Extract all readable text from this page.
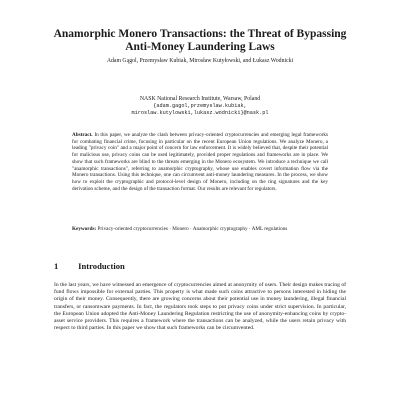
Anamorphic Monero Transactions: the Threat of Bypassing Anti-Money Laundering Laws

Adam Gągol, Przemysław Kubiak, Mirosław Kutyłowski, and Łukasz Wodnicki

NASK National Research Institute, Warsaw, Poland
{adam.gagol,przemyslaw.kubiak,
miroslaw.kutylowski,lukasz.wodnicki}@nask.pl

Abstract. In this paper, we analyze the clash between privacy-oriented cryptocurrencies and emerging legal frameworks for combating financial crime, focusing in particular on the recent European Union regulations. We analyze Monero, a leading "privacy coin" and a major point of concern for law enforcement. It is widely believed that, despite their potential for malicious use, privacy coins can be used legitimately, provided proper regulations and frameworks are in place. We show that such frameworks are blind to the threats emerging in the Monero ecosystem. We introduce a technique we call "anamorphic transactions", referring to anamorphic cryptography, whose use enables covert information flow via the Monero transactions. Using this technique, one can circumvent anti-money laundering measures. In the process, we show how to exploit the cryptographic and protocol-level design of Monero, including on the ring signatures and the key derivation scheme, and the design of the transaction format. Our results are relevant for regulators.

Keywords: Privacy-oriented cryptocurrencies · Monero · Anamorphic cryptography · AML regulations

1 Introduction

In the last years, we have witnessed an emergence of cryptocurrencies aimed at anonymity of users. Their design makes tracing of fund flows impossible for external parties. This property is what made such coins attractive to persons interested in hiding the origin of their money. Consequently, there are growing concerns about their potential use in money laundering, illegal financial transfers, or ransomware payments. In fact, the regulators took steps to put privacy coins under strict supervision. In particular, the European Union adopted the Anti-Money Laundering Regulation restricting the use of anonymity-enhancing coins by crypto-asset service providers. This requires a framework where the transactions can be analyzed, while the users retain privacy with respect to third parties. In this paper we show that such frameworks can be circumvented.
